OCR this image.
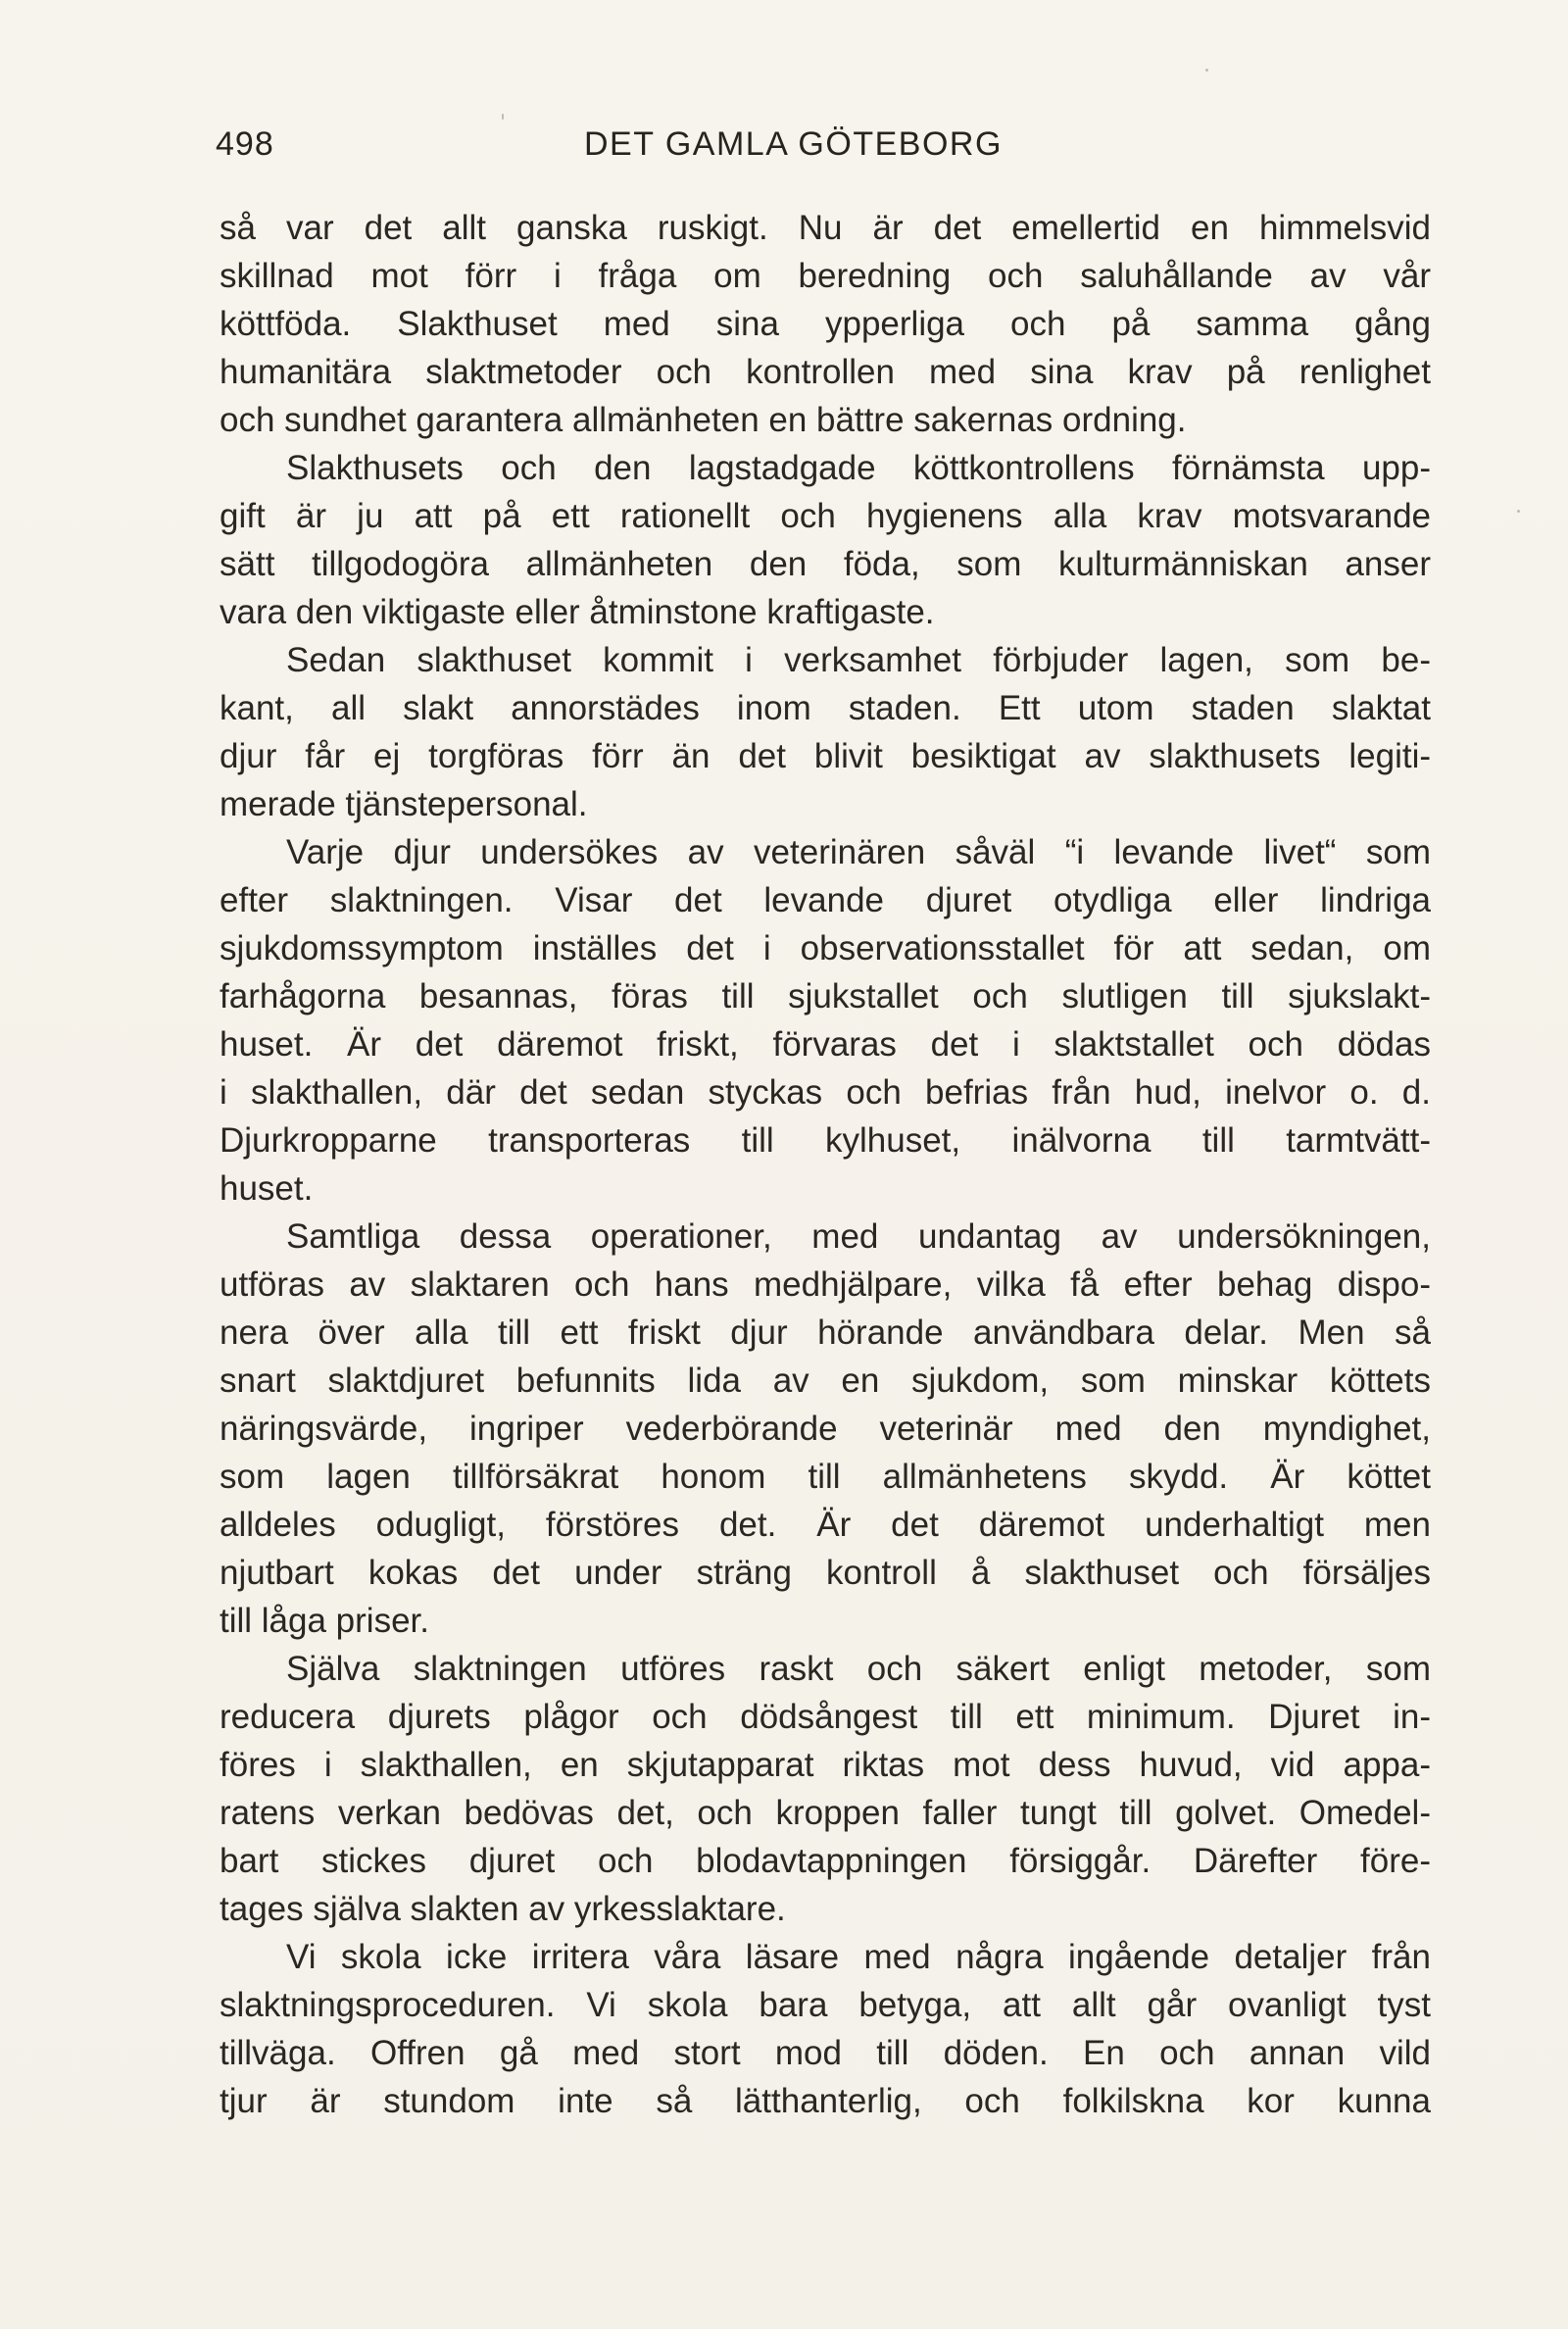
498	DET GAMLA GÖTEBORG
så var det allt ganska ruskigt. Nu är det emellertid en himmelsvid
skillnad mot förr i fråga om beredning och saluhållande av vår
köttföda. Slakthuset med sina ypperliga och på samma gång
humanitära slaktmetoder och kontrollen med sina krav på renlighet
och sundhet garantera allmänheten en bättre sakernas ordning.
Slakthusets och den lagstadgade köttkontrollens förnämsta upp-
gift är ju att på ett rationellt och hygienens alla krav motsvarande
sätt tillgodogöra allmänheten den föda, som kulturmänniskan anser
vara den viktigaste eller åtminstone kraftigaste.
Sedan slakthuset kommit i verksamhet förbjuder lagen, som be-
kant, all slakt annorstädes inom staden. Ett utom staden slaktat
djur får ej torgföras förr än det blivit besiktigat av slakthusets legiti-
merade tjänstepersonal.
Varje djur undersökes av veterinären såväl “i levande livet“ som
efter slaktningen. Visar det levande djuret otydliga eller lindriga
sjukdomssymptom inställes det i observationsstallet för att sedan, om
farhågorna besannas, föras till sjukstallet och slutligen till sjukslakt-
huset. Är det däremot friskt, förvaras det i slaktstallet och dödas
i slakthallen, där det sedan styckas och befrias från hud, inelvor o. d.
Djurkropparne transporteras till kylhuset, inälvorna till tarmtvätt-
huset.
Samtliga dessa operationer, med undantag av undersökningen,
utföras av slaktaren och hans medhjälpare, vilka få efter behag dispo-
nera över alla till ett friskt djur hörande användbara delar. Men så
snart slaktdjuret befunnits lida av en sjukdom, som minskar köttets
näringsvärde, ingriper vederbörande veterinär med den myndighet,
som lagen tillförsäkrat honom till allmänhetens skydd. Är köttet
alldeles odugligt, förstöres det. Är det däremot underhaltigt men
njutbart kokas det under sträng kontroll å slakthuset och försäljes
till låga priser.
Själva slaktningen utföres raskt och säkert enligt metoder, som
reducera djurets plågor och dödsångest till ett minimum. Djuret in-
föres i slakthallen, en skjutapparat riktas mot dess huvud, vid appa-
ratens verkan bedövas det, och kroppen faller tungt till golvet. Omedel-
bart stickes djuret och blodavtappningen försiggår. Därefter före-
tages själva slakten av yrkesslaktare.
Vi skola icke irritera våra läsare med några ingående detaljer från
slaktningsproceduren. Vi skola bara betyga, att allt går ovanligt tyst
tillväga. Offren gå med stort mod till döden. En och annan vild
tjur är stundom inte så lätthanterlig, och folkilskna kor kunna
